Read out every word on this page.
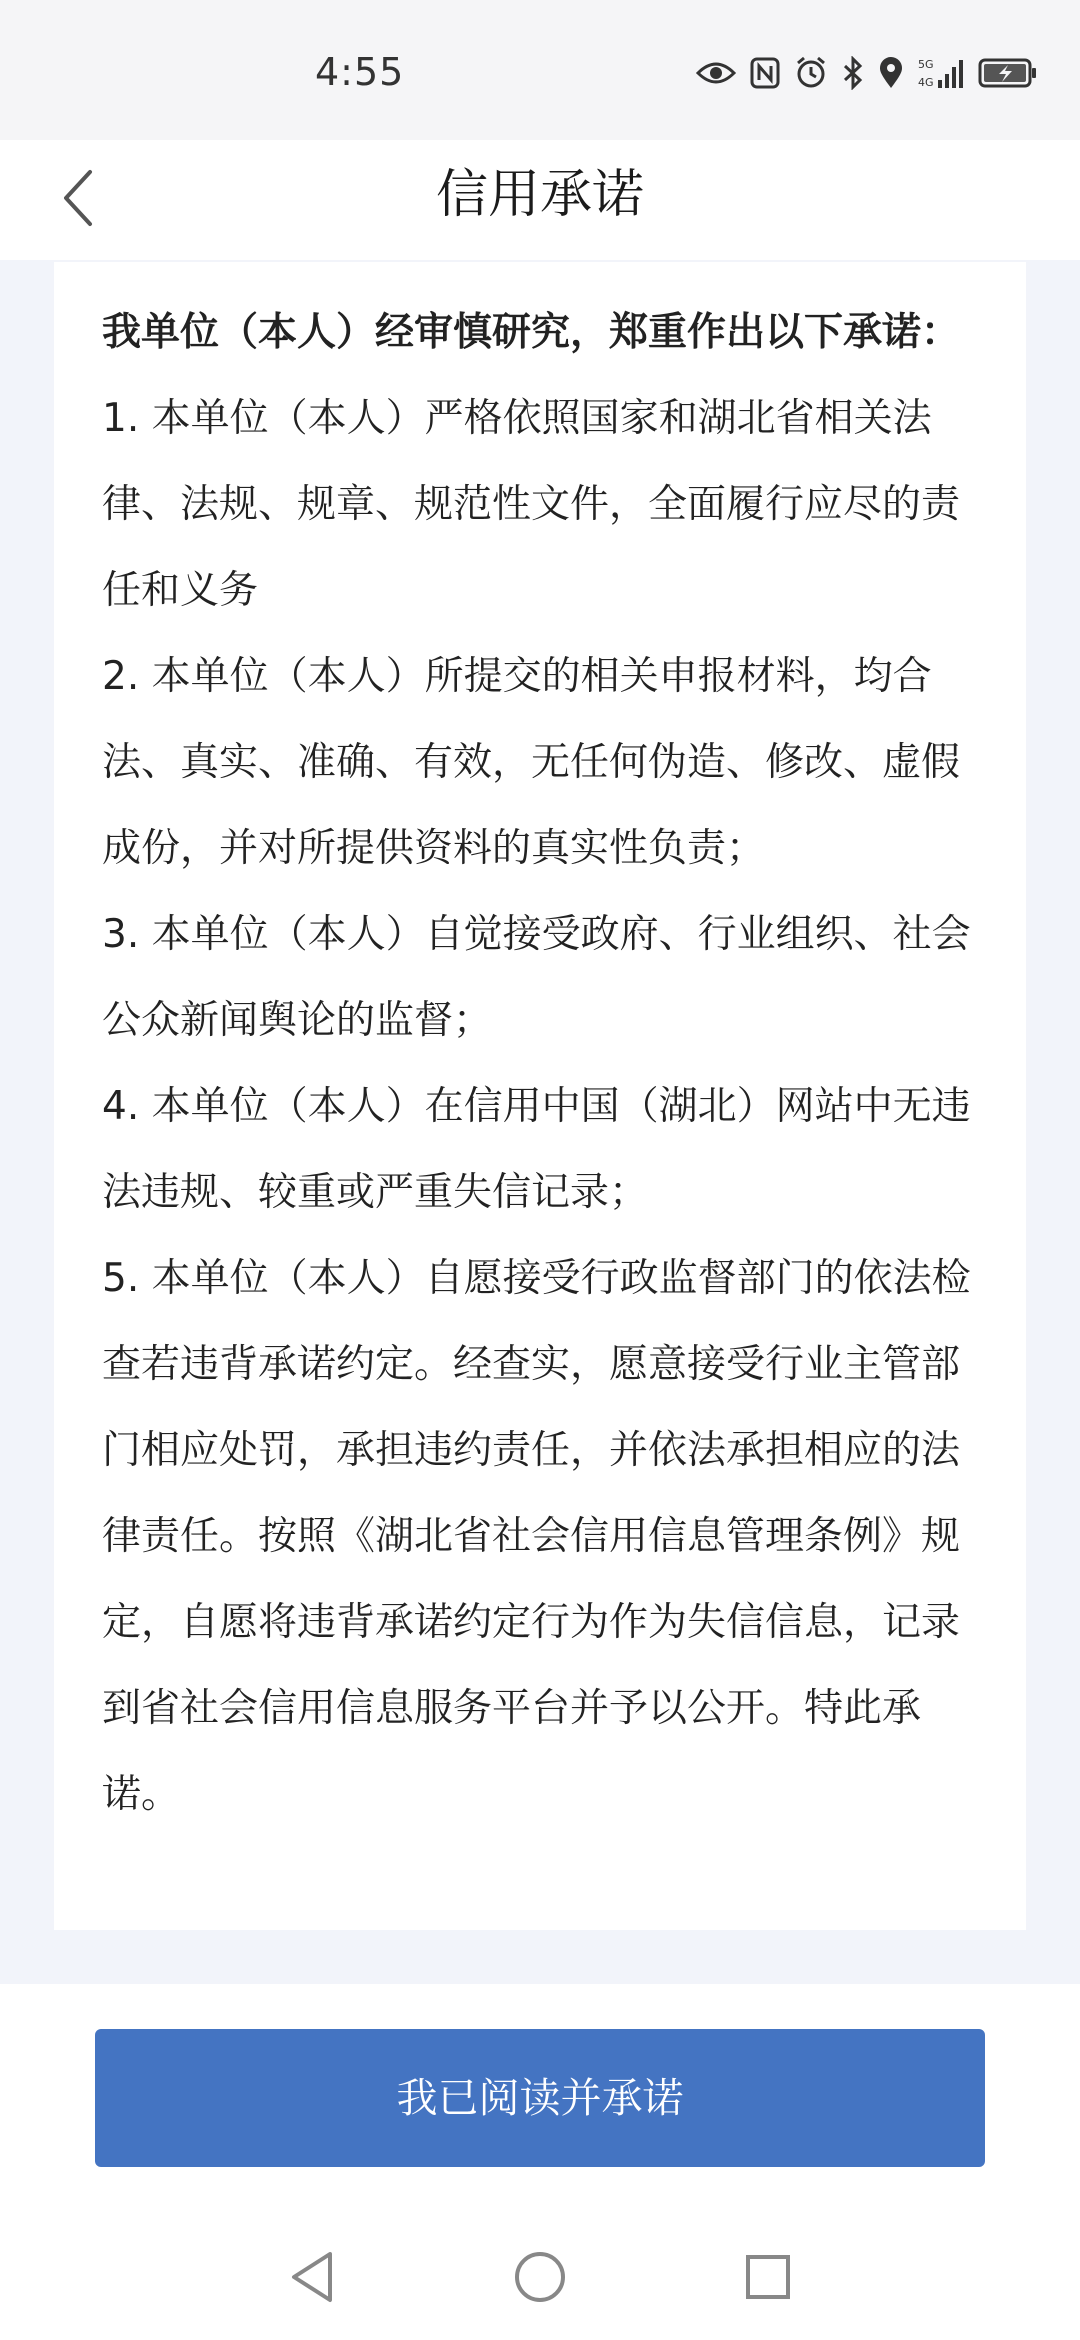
4:55	5G
4G
信用承诺

我单位（本人）经审慎研究，郑重作出以下承诺：

1. 本单位（本人）严格依照国家和湖北省相关法律、法规、规章、规范性文件，全面履行应尽的责任和义务

2. 本单位（本人）所提交的相关申报材料，均合法、真实、准确、有效，无任何伪造、修改、虚假成份，并对所提供资料的真实性负责；

3. 本单位（本人）自觉接受政府、行业组织、社会公众新闻舆论的监督；

4. 本单位（本人）在信用中国（湖北）网站中无违法违规、较重或严重失信记录；

5. 本单位（本人）自愿接受行政监督部门的依法检查若违背承诺约定。经查实，愿意接受行业主管部门相应处罚，承担违约责任，并依法承担相应的法律责任。按照《湖北省社会信用信息管理条例》规定，自愿将违背承诺约定行为作为失信信息，记录到省社会信用信息服务平台并予以公开。特此承诺。

我已阅读并承诺
